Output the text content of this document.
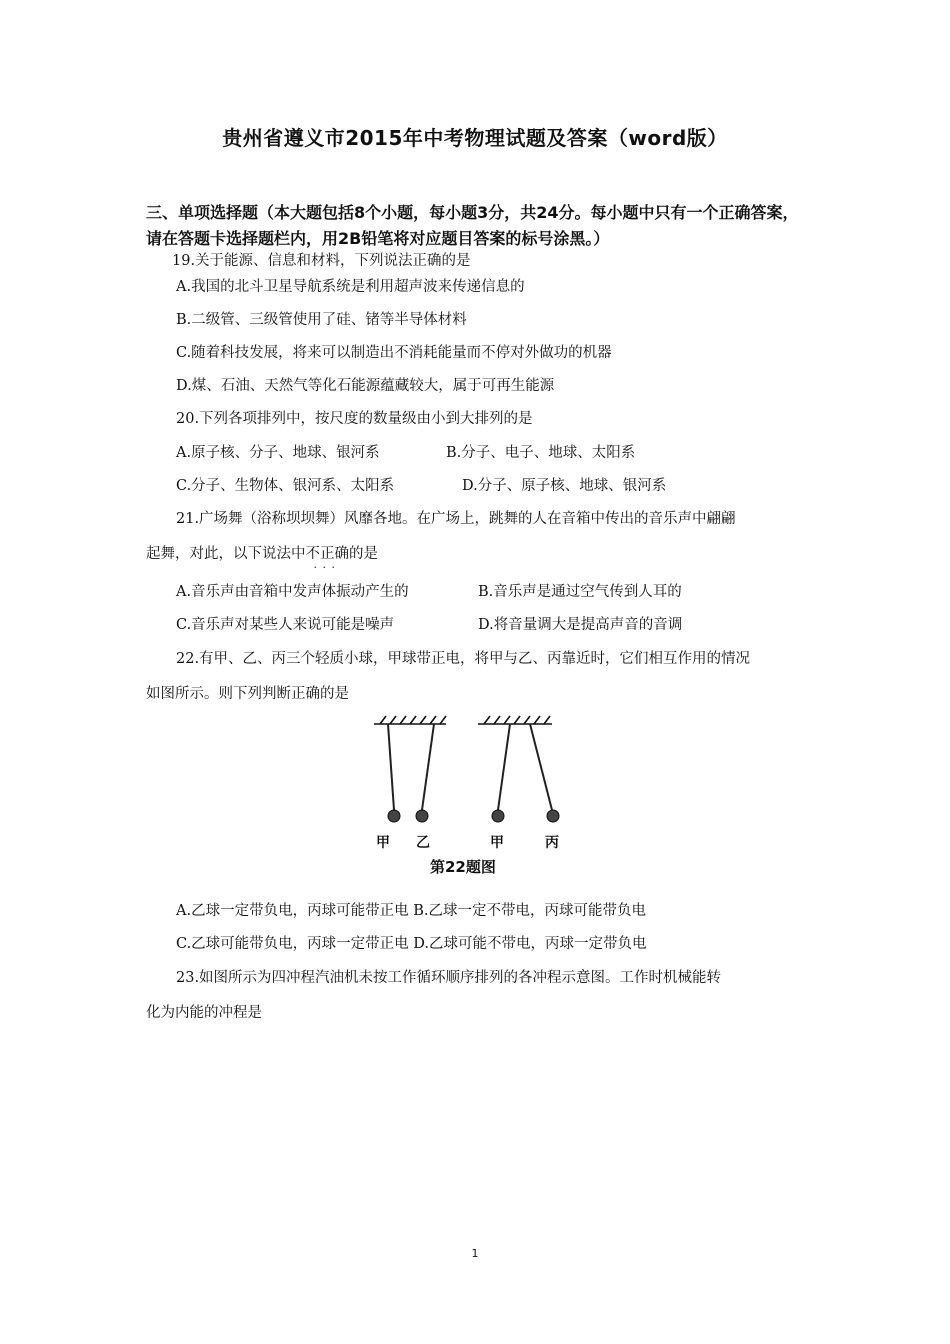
贵州省遵义市2015年中考物理试题及答案（word版）
三、单项选择题（本大题包括8个小题，每小题3分，共24分。每小题中只有一个正确答案，请在答题卡选择题栏内，用2B铅笔将对应题目答案的标号涂黑。）
19.关于能源、信息和材料，下列说法正确的是
A.我国的北斗卫星导航系统是利用超声波来传递信息的
B.二级管、三级管使用了硅、锗等半导体材料
C.随着科技发展，将来可以制造出不消耗能量而不停对外做功的机器
D.煤、石油、天然气等化石能源蕴藏较大，属于可再生能源
20.下列各项排列中，按尺度的数量级由小到大排列的是
A.原子核、分子、地球、银河系	B.分子、电子、地球、太阳系
C.分子、生物体、银河系、太阳系	D.分子、原子核、地球、银河系
21.广场舞（浴称坝坝舞）风靡各地。在广场上，跳舞的人在音箱中传出的音乐声中翩翩
起舞，对此，以下说法中不正确 · · ·的是
A.音乐声由音箱中发声体振动产生的	B.音乐声是通过空气传到人耳的
C.音乐声对某些人来说可能是噪声	D.将音量调大是提高声音的音调
22.有甲、乙、丙三个轻质小球，甲球带正电，将甲与乙、丙靠近时，它们相互作用的情况
如图所示。则下列判断正确的是
甲 乙	甲	丙
第22题图
A.乙球一定带负电，丙球可能带正电 B.乙球一定不带电，丙球可能带负电
C.乙球可能带负电，丙球一定带正电 D.乙球可能不带电，丙球一定带负电
23.如图所示为四冲程汽油机未按工作循环顺序排列的各冲程示意图。工作时机械能转
化为内能的冲程是
1
